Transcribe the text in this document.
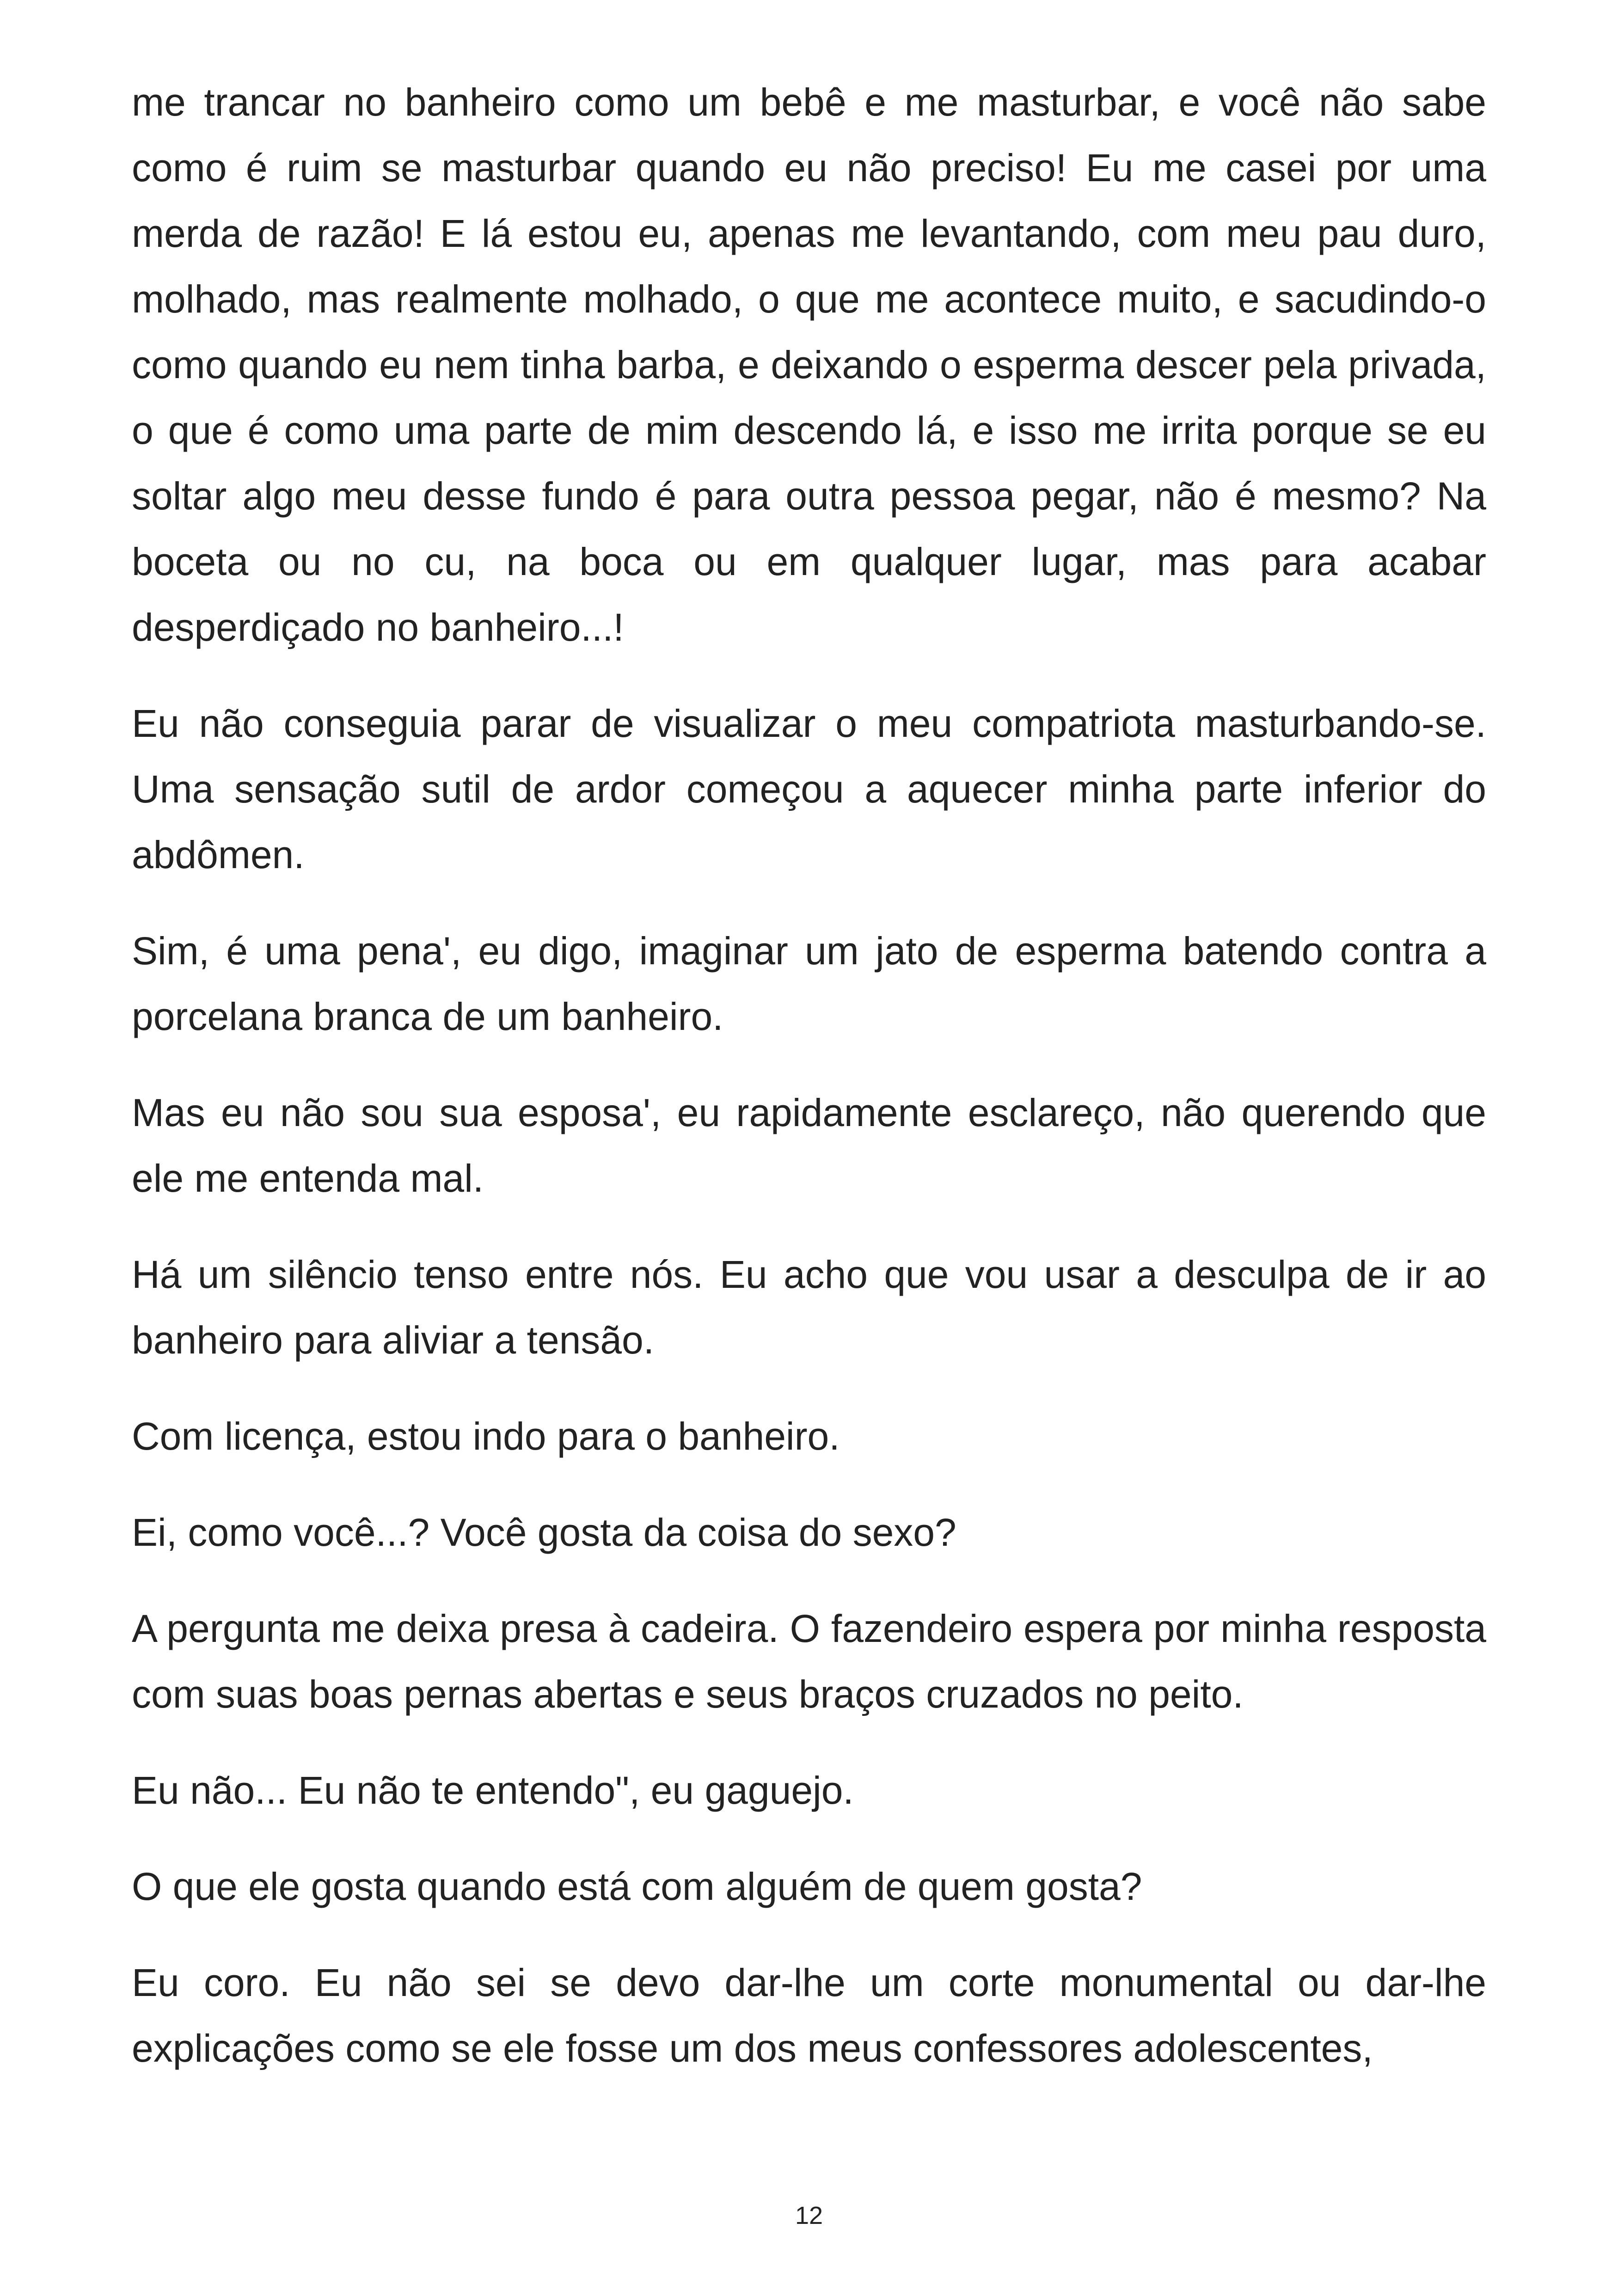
me trancar no banheiro como um bebê e me masturbar, e você não sabe como é ruim se masturbar quando eu não preciso! Eu me casei por uma merda de razão! E lá estou eu, apenas me levantando, com meu pau duro, molhado, mas realmente molhado, o que me acontece muito, e sacudindo-o como quando eu nem tinha barba, e deixando o esperma descer pela privada, o que é como uma parte de mim descendo lá, e isso me irrita porque se eu soltar algo meu desse fundo é para outra pessoa pegar, não é mesmo? Na boceta ou no cu, na boca ou em qualquer lugar, mas para acabar desperdiçado no banheiro...!

Eu não conseguia parar de visualizar o meu compatriota masturbando-se. Uma sensação sutil de ardor começou a aquecer minha parte inferior do abdômen.

Sim, é uma pena', eu digo, imaginar um jato de esperma batendo contra a porcelana branca de um banheiro.

Mas eu não sou sua esposa', eu rapidamente esclareço, não querendo que ele me entenda mal.

Há um silêncio tenso entre nós. Eu acho que vou usar a desculpa de ir ao banheiro para aliviar a tensão.

Com licença, estou indo para o banheiro.

Ei, como você...? Você gosta da coisa do sexo?

A pergunta me deixa presa à cadeira. O fazendeiro espera por minha resposta com suas boas pernas abertas e seus braços cruzados no peito.

Eu não... Eu não te entendo", eu gaguejo.

O que ele gosta quando está com alguém de quem gosta?

Eu coro. Eu não sei se devo dar-lhe um corte monumental ou dar-lhe explicações como se ele fosse um dos meus confessores adolescentes,

12
